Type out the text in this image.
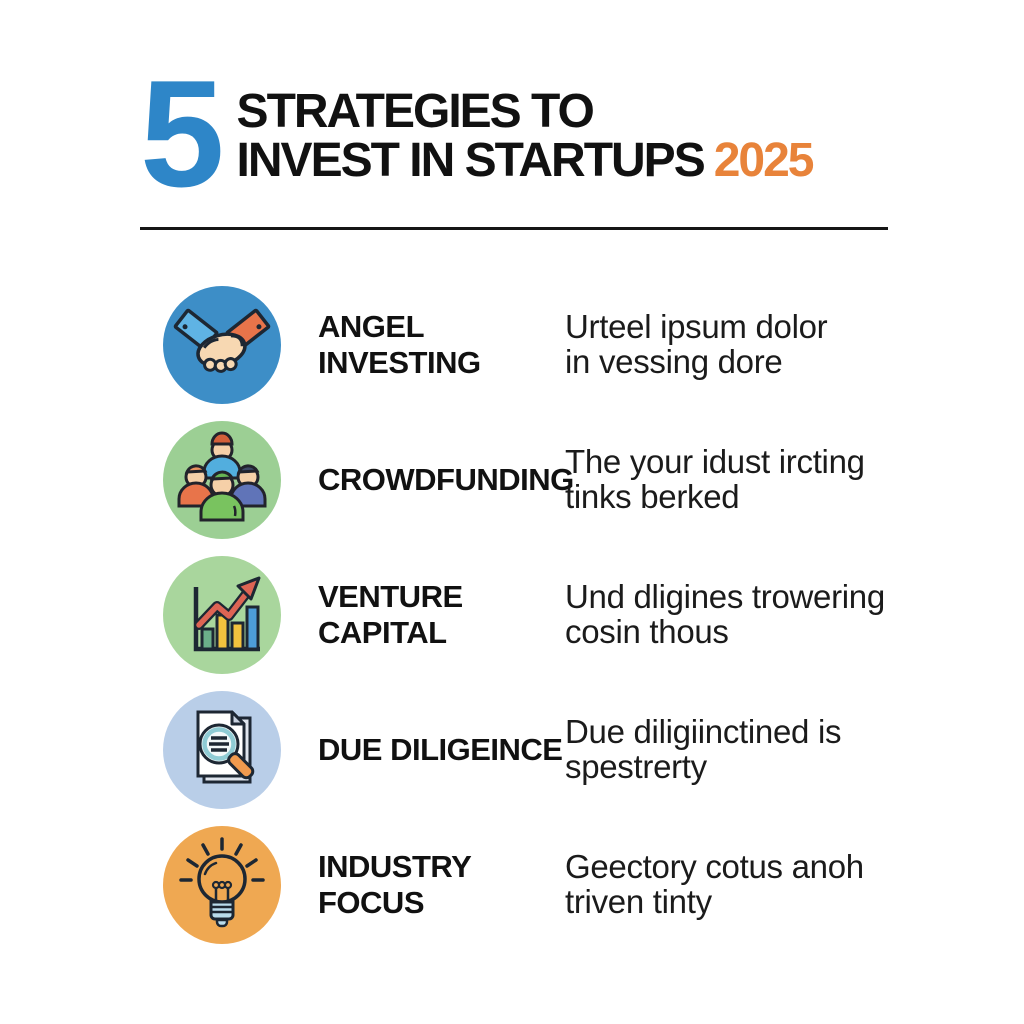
5 STRATEGIES TO
INVEST IN STARTUPS 2025
ANGEL INVESTING
Urteel ipsum dolor
in vessing dore
CROWDFUNDING
The your idust ircting
tinks berked
VENTURE CAPITAL
Und dligines trowering
cosin thous
DUE DILIGEINCE Due diligiinctined is
spestrerty
INDUSTRY FOCUS
Geectory cotus anoh
triven tinty
